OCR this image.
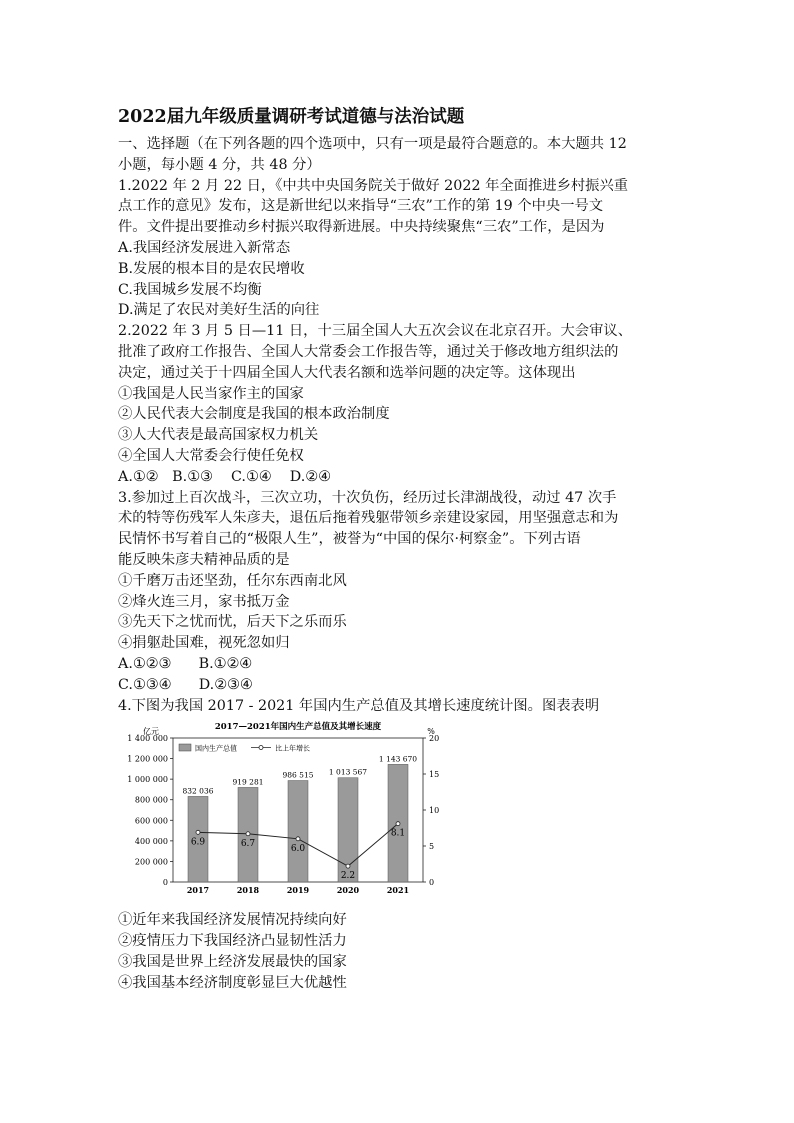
2022届九年级质量调研考试道德与法治试题
一、选择题（在下列各题的四个选项中，只有一项是最符合题意的。本大题共 12
小题，每小题 4 分，共 48 分）
1.2022 年 2 月 22 日，《中共中央国务院关于做好 2022 年全面推进乡村振兴重
点工作的意见》发布，这是新世纪以来指导“三农”工作的第 19 个中央一号文
件。文件提出要推动乡村振兴取得新进展。中央持续聚焦“三农”工作，是因为
A.我国经济发展进入新常态
B.发展的根本目的是农民增收
C.我国城乡发展不均衡
D.满足了农民对美好生活的向往
2.2022 年 3 月 5 日—11 日，十三届全国人大五次会议在北京召开。大会审议、
批准了政府工作报告、全国人大常委会工作报告等，通过关于修改地方组织法的
决定，通过关于十四届全国人大代表名额和选举问题的决定等。这体现出
①我国是人民当家作主的国家
②人民代表大会制度是我国的根本政治制度
③人大代表是最高国家权力机关
④全国人大常委会行使任免权
A.①②   B.①③    C.①④    D.②④
3.参加过上百次战斗，三次立功，十次负伤，经历过长津湖战役，动过 47 次手
术的特等伤残军人朱彦夫，退伍后拖着残躯带领乡亲建设家园，用坚强意志和为
民情怀书写着自己的“极限人生”，被誉为“中国的保尔·柯察金”。下列古语
能反映朱彦夫精神品质的是
①千磨万击还坚劲，任尔东西南北风
②烽火连三月，家书抵万金
③先天下之忧而忧，后天下之乐而乐
④捐躯赴国难，视死忽如归
A.①②③      B.①②④
C.①③④      D.②③④
4.下图为我国 2017 - 2021 年国内生产总值及其增长速度统计图。图表表明
2017—2021年国内生产总值及其增长速度
亿元	%
0
200 000
400 000
600 000
800 000
1 000 000
1 200 000
1 400 000
0
5
10
15
20
国内生产总值	比上年增长
832 036
2017
919 281
2018
986 515
2019
1 013 567
2020
1 143 670
2021
6.9	6.7
6.0
2.2
8.1
①近年来我国经济发展情况持续向好
②疫情压力下我国经济凸显韧性活力
③我国是世界上经济发展最快的国家
④我国基本经济制度彰显巨大优越性
